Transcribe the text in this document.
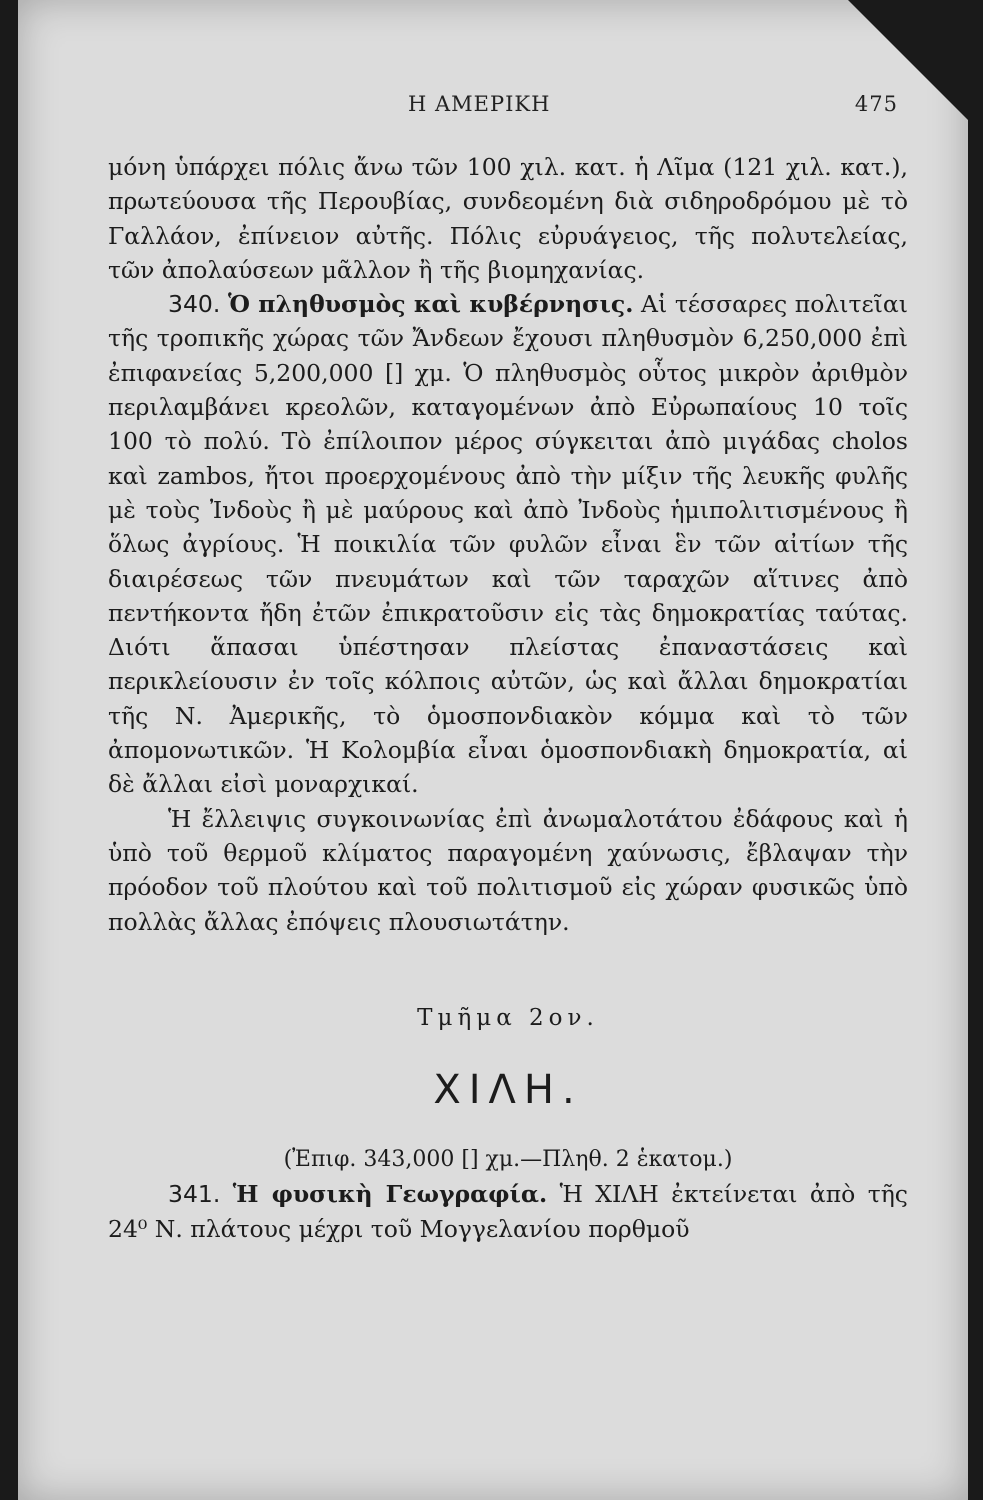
Η ΑΜΕΡΙΚΗ	475

μόνη ὑπάρχει πόλις ἄνω τῶν 100 χιλ. κατ. ἡ Λῖμα (121 χιλ. κατ.), πρωτεύουσα τῆς Περουβίας, συνδεομένη διὰ σιδηροδρόμου μὲ τὸ Γαλλάον, ἐπίνειον αὐτῆς. Πόλις εὐρυάγειος, τῆς πολυτελείας, τῶν ἀπολαύσεων μᾶλλον ἢ τῆς βιομηχανίας.

340. Ὁ πληθυσμὸς καὶ κυβέρνησις. Αἱ τέσσαρες πολιτεῖαι τῆς τροπικῆς χώρας τῶν Ἄνδεων ἔχουσι πληθυσμὸν 6,250,000 ἐπὶ ἐπιφανείας 5,200,000 [] χμ. Ὁ πληθυσμὸς οὗτος μικρὸν ἀριθμὸν περιλαμβάνει κρεολῶν, καταγομένων ἀπὸ Εὐρωπαίους 10 τοῖς 100 τὸ πολύ. Τὸ ἐπίλοιπον μέρος σύγκειται ἀπὸ μιγάδας cholos καὶ zambos, ἤτοι προερχομένους ἀπὸ τὴν μίξιν τῆς λευκῆς φυλῆς μὲ τοὺς Ἰνδοὺς ἢ μὲ μαύρους καὶ ἀπὸ Ἰνδοὺς ἡμιπολιτισμένους ἢ ὅλως ἀγρίους. Ἡ ποικιλία τῶν φυλῶν εἶναι ἓν τῶν αἰτίων τῆς διαιρέσεως τῶν πνευμάτων καὶ τῶν ταραχῶν αἵτινες ἀπὸ πεντήκοντα ἤδη ἐτῶν ἐπικρατοῦσιν εἰς τὰς δημοκρατίας ταύτας. Διότι ἅπασαι ὑπέστησαν πλείστας ἐπαναστάσεις καὶ περικλείουσιν ἐν τοῖς κόλποις αὐτῶν, ὡς καὶ ἄλλαι δημοκρατίαι τῆς Ν. Ἀμερικῆς, τὸ ὁμοσπονδιακὸν κόμμα καὶ τὸ τῶν ἀπομονωτικῶν. Ἡ Κολομβία εἶναι ὁμοσπονδιακὴ δημοκρατία, αἱ δὲ ἄλλαι εἰσὶ μοναρχικαί.

Ἡ ἔλλειψις συγκοινωνίας ἐπὶ ἀνωμαλοτάτου ἐδάφους καὶ ἡ ὑπὸ τοῦ θερμοῦ κλίματος παραγομένη χαύνωσις, ἔβλαψαν τὴν πρόοδον τοῦ πλούτου καὶ τοῦ πολιτισμοῦ εἰς χώραν φυσικῶς ὑπὸ πολλὰς ἄλλας ἐπόψεις πλουσιωτάτην.

Τμῆμα 2ον.
ΧΙΛΗ.
(Ἐπιφ. 343,000 [] χμ.—Πληθ. 2 ἑκατομ.)

341. Ἡ φυσικὴ Γεωγραφία. Ἡ ΧΙΛΗ ἐκτείνεται ἀπὸ τῆς 24⁰ Ν. πλάτους μέχρι τοῦ Μογγελανίου πορθμοῦ
